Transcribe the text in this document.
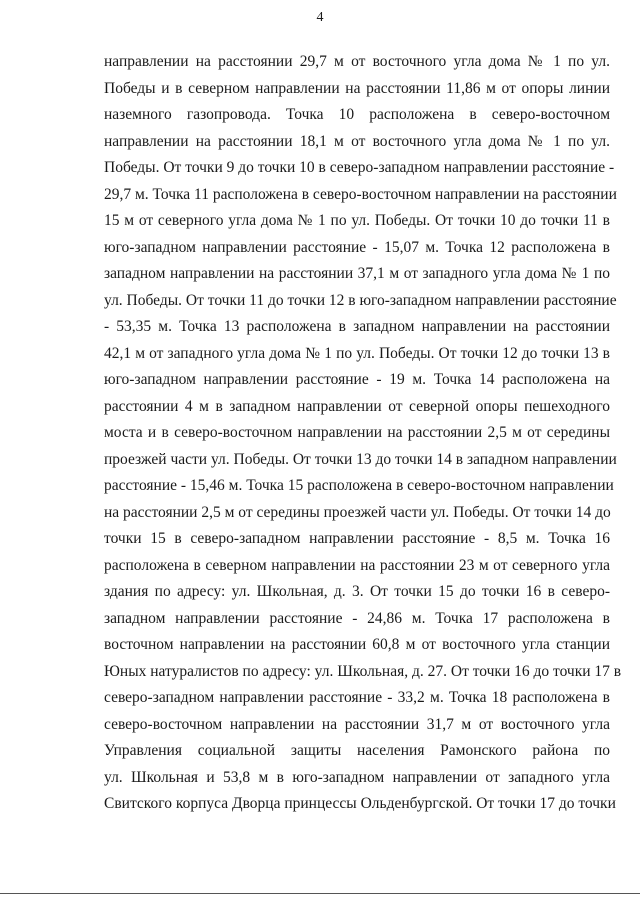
4
направлении на расстоянии 29,7 м от восточного угла дома № 1 по ул.
Победы и в северном направлении на расстоянии 11,86 м от опоры линии
наземного газопровода. Точка 10 расположена в северо-восточном
направлении на расстоянии 18,1 м от восточного угла дома № 1 по ул.
Победы. От точки 9 до точки 10 в северо-западном направлении расстояние -
29,7 м. Точка 11 расположена в северо-восточном направлении на расстоянии
15 м от северного угла дома № 1 по ул. Победы. От точки 10 до точки 11 в
юго-западном направлении расстояние - 15,07 м. Точка 12 расположена в
западном направлении на расстоянии 37,1 м от западного угла дома № 1 по
ул. Победы. От точки 11 до точки 12 в юго-западном направлении расстояние
- 53,35 м. Точка 13 расположена в западном направлении на расстоянии
42,1 м от западного угла дома № 1 по ул. Победы. От точки 12 до точки 13 в
юго-западном направлении расстояние - 19 м. Точка 14 расположена на
расстоянии 4 м в западном направлении от северной опоры пешеходного
моста и в северо-восточном направлении на расстоянии 2,5 м от середины
проезжей части ул. Победы. От точки 13 до точки 14 в западном направлении
расстояние - 15,46 м. Точка 15 расположена в северо-восточном направлении
на расстоянии 2,5 м от середины проезжей части ул. Победы. От точки 14 до
точки 15 в северо-западном направлении расстояние - 8,5 м. Точка 16
расположена в северном направлении на расстоянии 23 м от северного угла
здания по адресу: ул. Школьная, д. 3. От точки 15 до точки 16 в северо-
западном направлении расстояние - 24,86 м. Точка 17 расположена в
восточном направлении на расстоянии 60,8 м от восточного угла станции
Юных натуралистов по адресу: ул. Школьная, д. 27. От точки 16 до точки 17 в
северо-западном направлении расстояние - 33,2 м. Точка 18 расположена в
северо-восточном направлении на расстоянии 31,7 м от восточного угла
Управления социальной защиты населения Рамонского района по
ул. Школьная и 53,8 м в юго-западном направлении от западного угла
Свитского корпуса Дворца принцессы Ольденбургской. От точки 17 до точки
